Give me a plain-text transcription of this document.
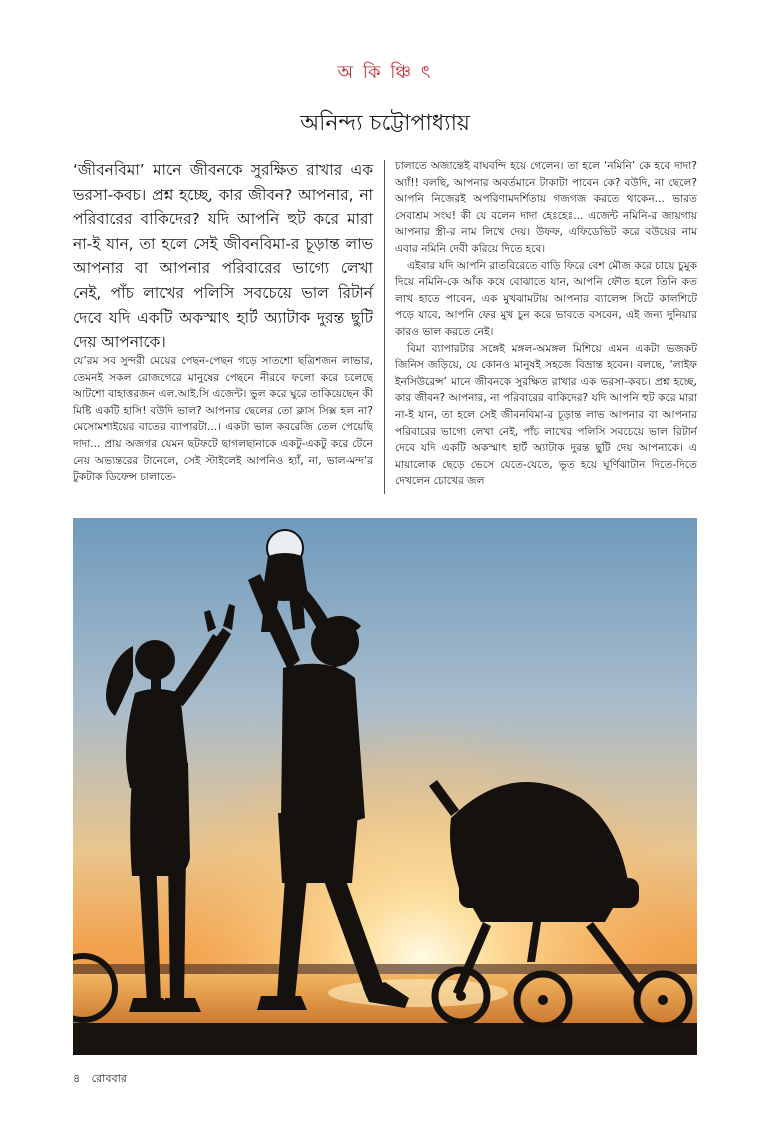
অ কি ঞ্চি ৎ
অনিন্দ্য চট্টোপাধ্যায়

‘জীবনবিমা’ মানে জীবনকে সুরক্ষিত রাখার এক ভরসা-কবচ। প্রশ্ন হচ্ছে, কার জীবন? আপনার, না পরিবারের বাকিদের? যদি আপনি হুট করে মারা না-ই যান, তা হলে সেই জীবনবিমা-র চূড়ান্ত লাভ আপনার বা আপনার পরিবারের ভাগ্যে লেখা নেই, পাঁচ লাখের পলিসি সবচেয়ে ভাল রিটার্ন দেবে যদি একটি অকস্মাৎ হার্ট অ্যাটাক দুরন্ত ছুটি দেয় আপনাকে।

যে’রম সব সুন্দরী মেয়ের পেছন-পেছন গড়ে সাতশো ছত্রিশজন লাভার, তেমনই সকল রোজগেরে মানুষের পেছনে নীরবে ফলো করে চলেছে আটশো বাহাত্তরজন এল.আই.সি এজেন্ট। ভুল করে ঘুরে তাকিয়েছেন কী মিষ্টি একটি হাসি! বউদি ভাল? আপনার ছেলের তো ক্লাস সিক্স হল না? মেসোমশাইয়ের বাতের ব্যাপারটা...। একটা ভাল কবরেজি তেল পেয়েছি দাদা... প্রায় অজগর যেমন ছটফটে ছাগলছানাকে একটু-একটু করে টেনে নেয় অভ্যন্তরের টানেলে, সেই স্টাইলেই আপনিও হ্যাঁ, না, ভাল-মন্দ’র টুকটাক ডিফেন্স চালাতে-

চালাতে অজান্তেই বাঘবন্দি হয়ে গেলেন। তা হলে ‘নমিনি’ কে হবে দাদা? অ্যাঁ!! বলছি, আপনার অবর্তমানে টাকাটা পাবেন কে? বউদি, না ছেলে? আপনি নিজেরই অপরিণামদর্শিতায় গজগজ করতে থাকেন... ভারত সেবাশ্রম সংঘ! কী যে বলেন দাদা হেঃহেঃ... এজেন্ট নমিনি-র জায়গায় আপনার স্ত্রী-র নাম লিখে দেয়। উফফ, এফিডেভিট করে বউয়ের নাম এবার নমিনি দেবী করিয়ে দিতে হবে।

এইবার যদি আপনি রাতবিরেতে বাড়ি ফিরে বেশ মৌজ করে চায়ে চুমুক দিয়ে নমিনি-কে আঁক কষে বোঝাতে যান, আপনি ফৌত হলে তিনি কত লাখ হাতে পাবেন, এক মুখঝামটায় আপনার ব্যালেন্স সিটে কালশিটে পড়ে যাবে, আপনি ফের মুখ চুন করে ভাবতে বসবেন, এই জন্য দুনিয়ার কারও ভাল করতে নেই।

বিমা ব্যাপারটার সঙ্গেই মঙ্গল-অমঙ্গল মিশিয়ে এমন একটা ভজকট জিনিস জড়িয়ে, যে কোনও মানুষই সহজে বিভ্রান্ত হবেন। বলছে, ‘লাইফ ইনসিউরেন্স’ মানে জীবনকে সুরক্ষিত রাখার এক ভরসা-কবচ। প্রশ্ন হচ্ছে, কার জীবন? আপনার, না পরিবারের বাকিদের? যদি আপনি হুট করে মারা না-ই যান, তা হলে সেই জীবনবিমা-র চূড়ান্ত লাভ আপনার বা আপনার পরিবারের ভাগ্যে লেখা নেই, পাঁচ লাখের পলিসি সবচেয়ে ভাল রিটার্ন দেবে যদি একটি অকস্মাৎ হার্ট অ্যাটাক দুরন্ত ছুটি দেয় আপনাকে। এ মায়ালোক ছেড়ে ভেসে যেতে-যেতে, ভূত হয়ে ঘূর্ণিঝাটান দিতে-দিতে দেখলেন চোখের জল

৪ রোববার
